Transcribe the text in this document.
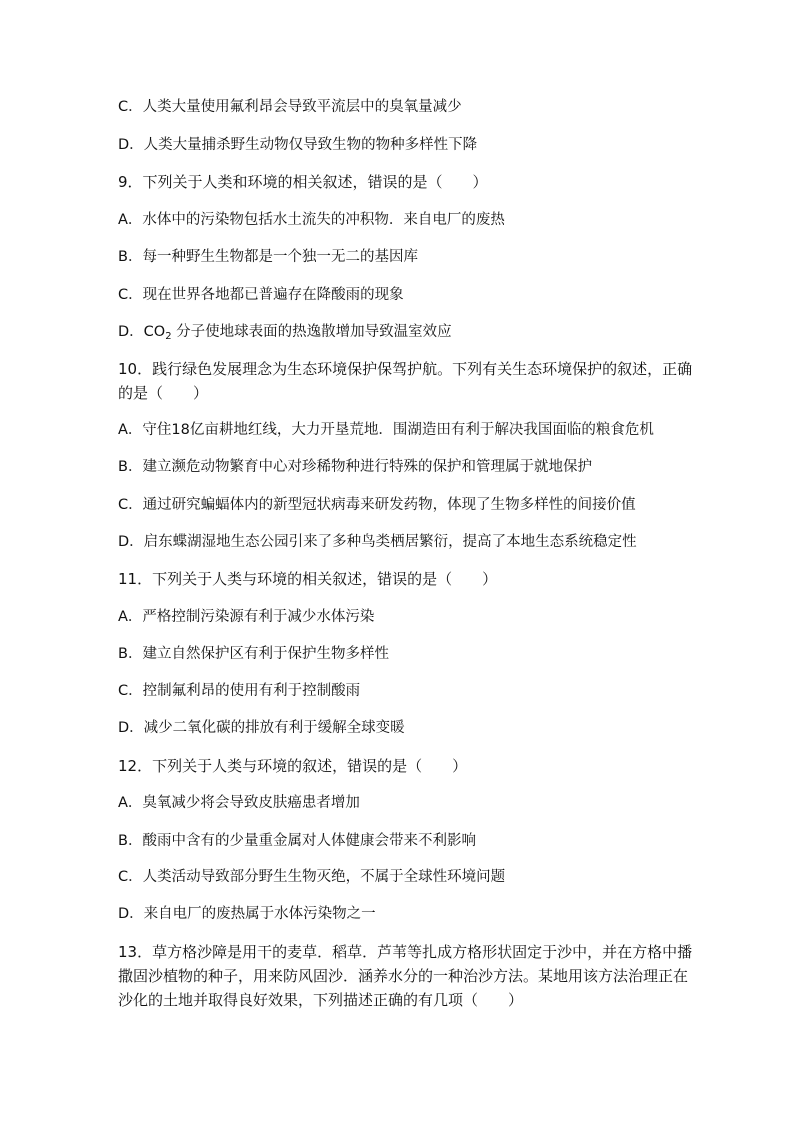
C．人类大量使用氟利昂会导致平流层中的臭氧量减少
D．人类大量捕杀野生动物仅导致生物的物种多样性下降
9．下列关于人类和环境的相关叙述，错误的是（　　）
A．水体中的污染物包括水土流失的冲积物．来自电厂的废热
B．每一种野生生物都是一个独一无二的基因库
C．现在世界各地都已普遍存在降酸雨的现象
D．$CO_2$ 分子使地球表面的热逸散增加导致温室效应
10．践行绿色发展理念为生态环境保护保驾护航。下列有关生态环境保护的叙述，正确
的是（　　）
A．守住18亿亩耕地红线，大力开垦荒地．围湖造田有利于解决我国面临的粮食危机
B．建立濒危动物繁育中心对珍稀物种进行特殊的保护和管理属于就地保护
C．通过研究蝙蝠体内的新型冠状病毒来研发药物，体现了生物多样性的间接价值
D．启东蝶湖湿地生态公园引来了多种鸟类栖居繁衍，提高了本地生态系统稳定性
11．下列关于人类与环境的相关叙述，错误的是（　　）
A．严格控制污染源有利于减少水体污染
B．建立自然保护区有利于保护生物多样性
C．控制氟利昂的使用有利于控制酸雨
D．减少二氧化碳的排放有利于缓解全球变暖
12．下列关于人类与环境的叙述，错误的是（　　）
A．臭氧减少将会导致皮肤癌患者增加
B．酸雨中含有的少量重金属对人体健康会带来不利影响
C．人类活动导致部分野生生物灭绝，不属于全球性环境问题
D．来自电厂的废热属于水体污染物之一
13．草方格沙障是用干的麦草．稻草．芦苇等扎成方格形状固定于沙中，并在方格中播
撒固沙植物的种子，用来防风固沙．涵养水分的一种治沙方法。某地用该方法治理正在
沙化的土地并取得良好效果，下列描述正确的有几项（　　）
